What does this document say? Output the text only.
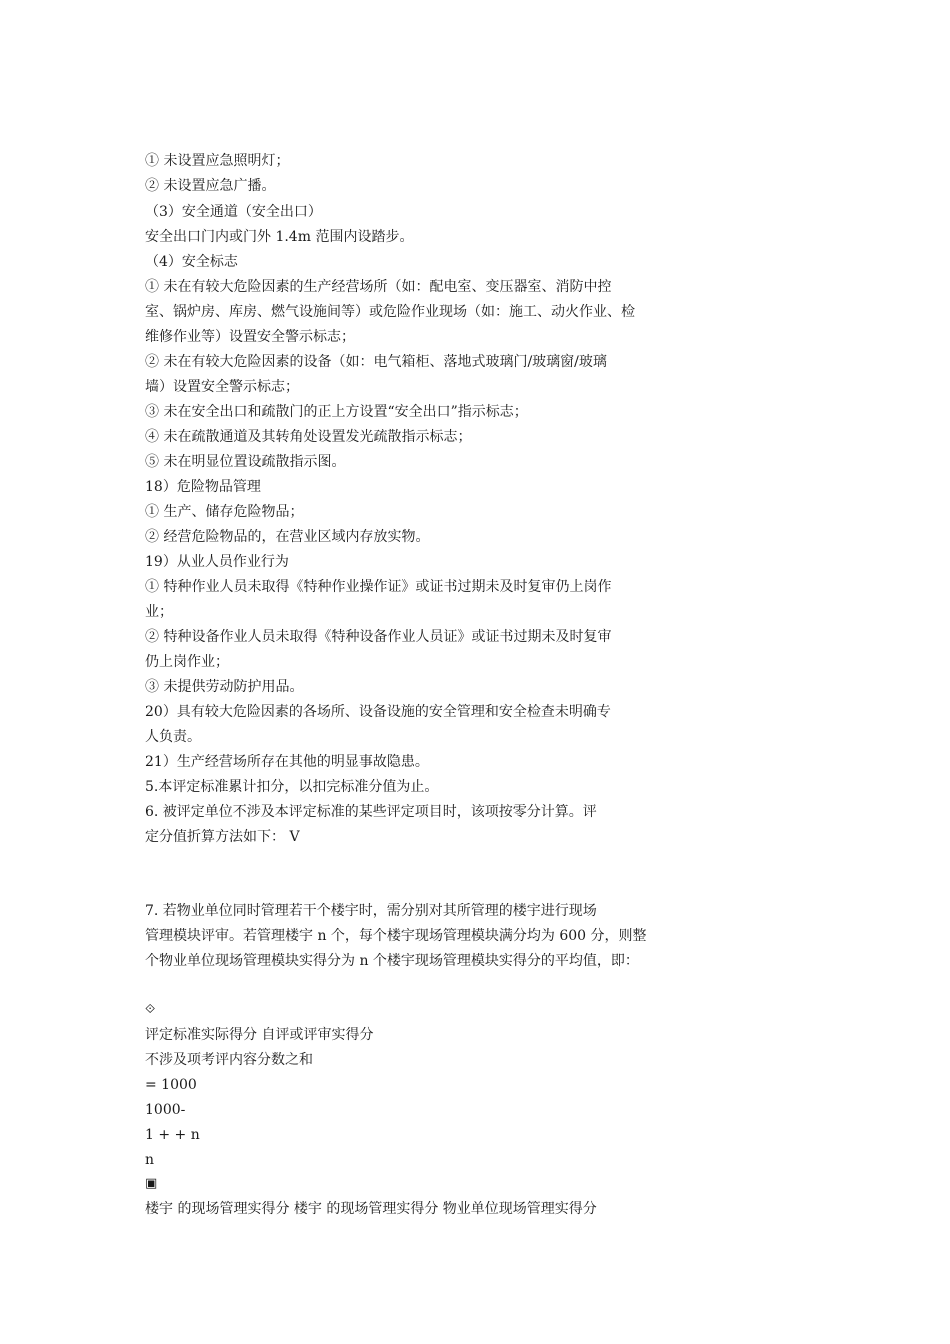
① 未设置应急照明灯；
② 未设置应急广播。
（3）安全通道（安全出口）
安全出口门内或门外 1.4m 范围内设踏步。
（4）安全标志
① 未在有较大危险因素的生产经营场所（如：配电室、变压器室、消防中控
室、锅炉房、库房、燃气设施间等）或危险作业现场（如：施工、动火作业、检
维修作业等）设置安全警示标志；
② 未在有较大危险因素的设备（如：电气箱柜、落地式玻璃门/玻璃窗/玻璃
墙）设置安全警示标志；
③ 未在安全出口和疏散门的正上方设置“安全出口”指示标志；
④ 未在疏散通道及其转角处设置发光疏散指示标志；
⑤ 未在明显位置设疏散指示图。
18）危险物品管理
① 生产、储存危险物品；
② 经营危险物品的，在营业区域内存放实物。
19）从业人员作业行为
① 特种作业人员未取得《特种作业操作证》或证书过期未及时复审仍上岗作
业；
② 特种设备作业人员未取得《特种设备作业人员证》或证书过期未及时复审
仍上岗作业；
③ 未提供劳动防护用品。
20）具有较大危险因素的各场所、设备设施的安全管理和安全检查未明确专
人负责。
21）生产经营场所存在其他的明显事故隐患。
5.本评定标准累计扣分，以扣完标准分值为止。
6. 被评定单位不涉及本评定标准的某些评定项目时，该项按零分计算。评
定分值折算方法如下： V
7. 若物业单位同时管理若干个楼宇时，需分别对其所管理的楼宇进行现场
管理模块评审。若管理楼宇 n 个，每个楼宇现场管理模块满分均为 600 分，则整
个物业单位现场管理模块实得分为 n 个楼宇现场管理模块实得分的平均值，即：
⟐
评定标准实际得分 自评或评审实得分
不涉及项考评内容分数之和
= 1000
1000-
1 + + n
n
▣
楼宇 的现场管理实得分 楼宇 的现场管理实得分 物业单位现场管理实得分
